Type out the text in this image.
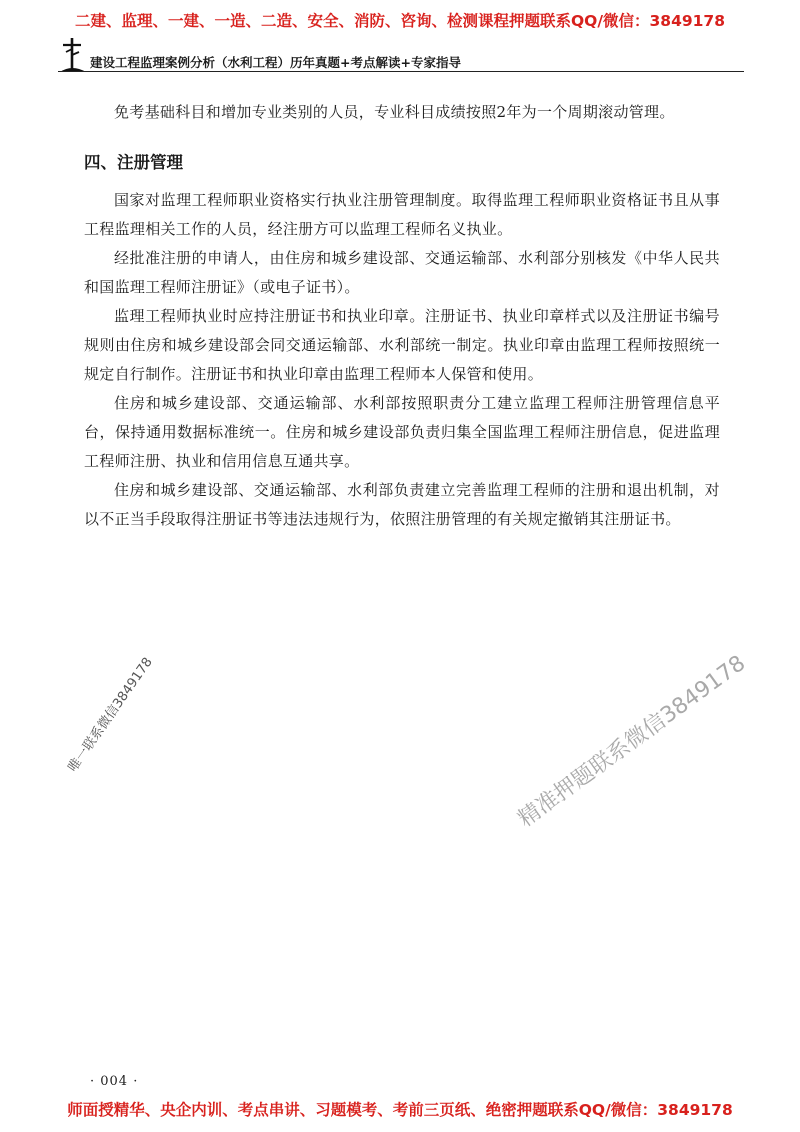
二建、监理、一建、一造、二造、安全、消防、咨询、检测课程押题联系QQ/微信：3849178
建设工程监理案例分析（水利工程）历年真题+考点解读+专家指导

免考基础科目和增加专业类别的人员，专业科目成绩按照2年为一个周期滚动管理。

四、注册管理

国家对监理工程师职业资格实行执业注册管理制度。取得监理工程师职业资格证书且从事工程监理相关工作的人员，经注册方可以监理工程师名义执业。

经批准注册的申请人，由住房和城乡建设部、交通运输部、水利部分别核发《中华人民共和国监理工程师注册证》（或电子证书）。

监理工程师执业时应持注册证书和执业印章。注册证书、执业印章样式以及注册证书编号规则由住房和城乡建设部会同交通运输部、水利部统一制定。执业印章由监理工程师按照统一规定自行制作。注册证书和执业印章由监理工程师本人保管和使用。

住房和城乡建设部、交通运输部、水利部按照职责分工建立监理工程师注册管理信息平台，保持通用数据标准统一。住房和城乡建设部负责归集全国监理工程师注册信息，促进监理工程师注册、执业和信用信息互通共享。

住房和城乡建设部、交通运输部、水利部负责建立完善监理工程师的注册和退出机制，对以不正当手段取得注册证书等违法违规行为，依照注册管理的有关规定撤销其注册证书。

唯一联系微信3849178	精准押题联系微信3849178
· 004 ·
师面授精华、央企内训、考点串讲、习题模考、考前三页纸、绝密押题联系QQ/微信：3849178
